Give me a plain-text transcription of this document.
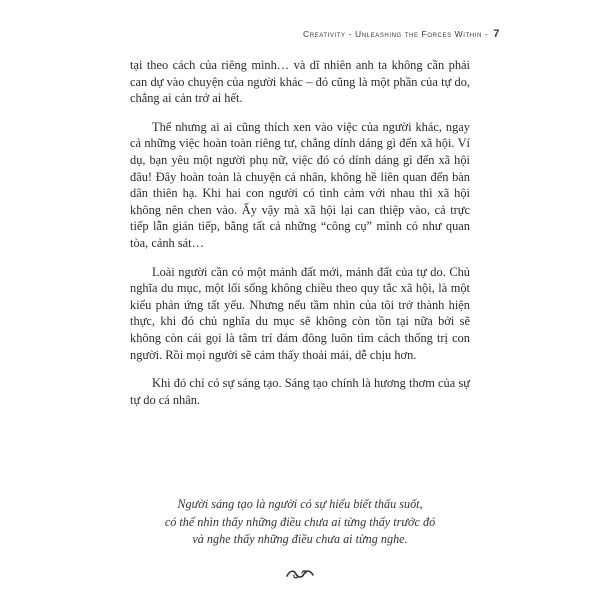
Creativity - Unleashing the Forces Within - 7

tại theo cách của riêng mình… và dĩ nhiên anh ta không cần phải can dự vào chuyện của người khác – đó cũng là một phần của tự do, chẳng ai cản trở ai hết.

Thế nhưng ai ai cũng thích xen vào việc của người khác, ngay cả những việc hoàn toàn riêng tư, chẳng dính dáng gì đến xã hội. Ví dụ, bạn yêu một người phụ nữ, việc đó có dính dáng gì đến xã hội đâu! Đây hoàn toàn là chuyện cá nhân, không hề liên quan đến bàn dân thiên hạ. Khi hai con người có tình cảm với nhau thì xã hội không nên chen vào. Ấy vậy mà xã hội lại can thiệp vào, cả trực tiếp lẫn gián tiếp, bằng tất cả những “công cụ” mình có như quan tòa, cảnh sát…

Loài người cần có một mảnh đất mới, mảnh đất của tự do. Chủ nghĩa du mục, một lối sống không chiều theo quy tắc xã hội, là một kiểu phản ứng tất yếu. Nhưng nếu tầm nhìn của tôi trở thành hiện thực, khi đó chủ nghĩa du mục sẽ không còn tồn tại nữa bởi sẽ không còn cái gọi là tâm trí đám đông luôn tìm cách thống trị con người. Rồi mọi người sẽ cảm thấy thoải mái, dễ chịu hơn.

Khi đó chỉ có sự sáng tạo. Sáng tạo chính là hương thơm của sự tự do cá nhân.

Người sáng tạo là người có sự hiểu biết thấu suốt,
có thể nhìn thấy những điều chưa ai từng thấy trước đó
và nghe thấy những điều chưa ai từng nghe.
